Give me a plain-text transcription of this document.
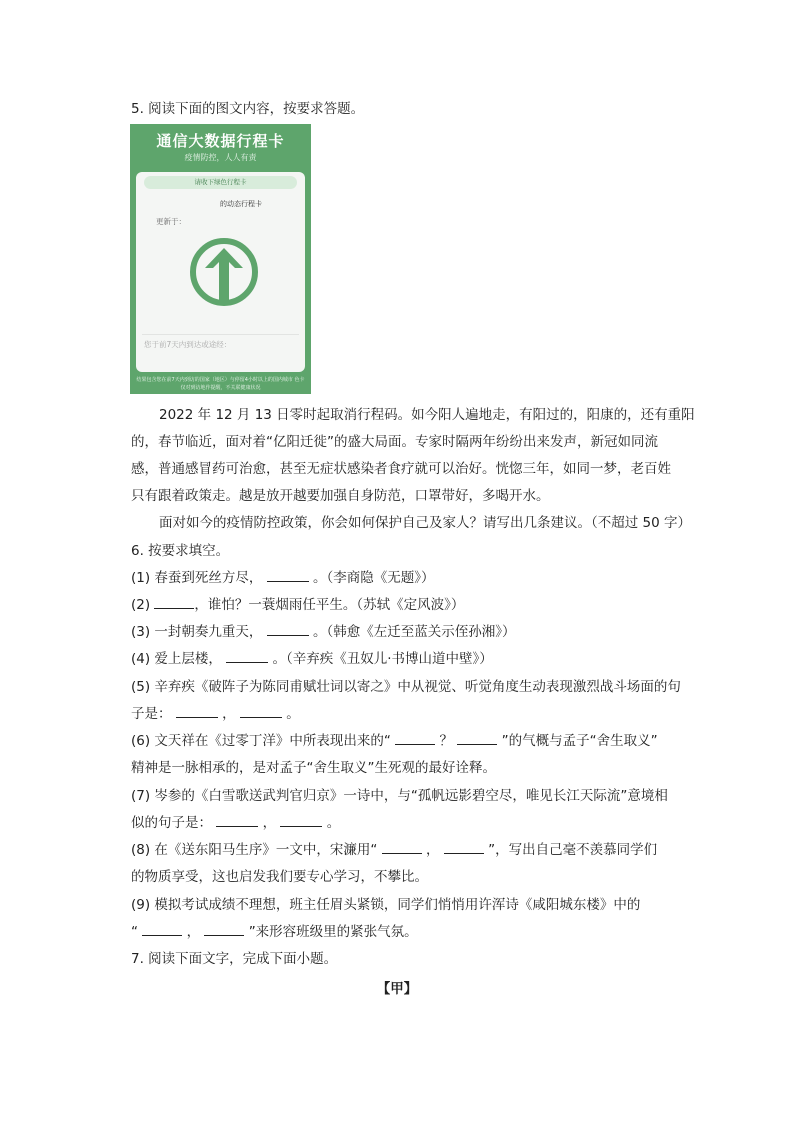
5. 阅读下面的图文内容，按要求答题。
通信大数据行程卡
疫情防控，人人有责
请收下绿色行程卡
的动态行程卡
更新于：
您于前7天内到达或途经：
结果包含您在前7天内到访的国家（地区）与停留4小时以上的国内城市 色卡仅对到访地作提醒，不关联健康状况
2022 年 12 月 13 日零时起取消行程码。如今阳人遍地走，有阳过的，阳康的，还有重阳
的，春节临近，面对着“亿阳迁徙”的盛大局面。专家时隔两年纷纷出来发声，新冠如同流
感，普通感冒药可治愈，甚至无症状感染者食疗就可以治好。恍惚三年，如同一梦，老百姓
只有跟着政策走。越是放开越要加强自身防范，口罩带好，多喝开水。
面对如今的疫情防控政策，你会如何保护自己及家人？请写出几条建议。（不超过 50 字）
6. 按要求填空。
(1) 春蚕到死丝方尽，	。（李商隐《无题》）
(2)	，谁怕？一蓑烟雨任平生。（苏轼《定风波》）
(3) 一封朝奏九重天，	。（韩愈《左迁至蓝关示侄孙湘》）
(4) 爱上层楼，	。（辛弃疾《丑奴儿·书博山道中壁》）
(5) 辛弃疾《破阵子为陈同甫赋壮词以寄之》中从视觉、听觉角度生动表现激烈战斗场面的句
子是：	，	。
(6) 文天祥在《过零丁洋》中所表现出来的“	？	”的气概与孟子“舍生取义”
精神是一脉相承的，是对孟子“舍生取义”生死观的最好诠释。
(7) 岑参的《白雪歌送武判官归京》一诗中，与“孤帆远影碧空尽，唯见长江天际流”意境相
似的句子是：	，	。
(8) 在《送东阳马生序》一文中，宋濂用“	，	”，写出自己毫不羡慕同学们
的物质享受，这也启发我们要专心学习，不攀比。
(9) 模拟考试成绩不理想，班主任眉头紧锁，同学们悄悄用许浑诗《咸阳城东楼》中的
“	，	”来形容班级里的紧张气氛。
7. 阅读下面文字，完成下面小题。
【甲】
